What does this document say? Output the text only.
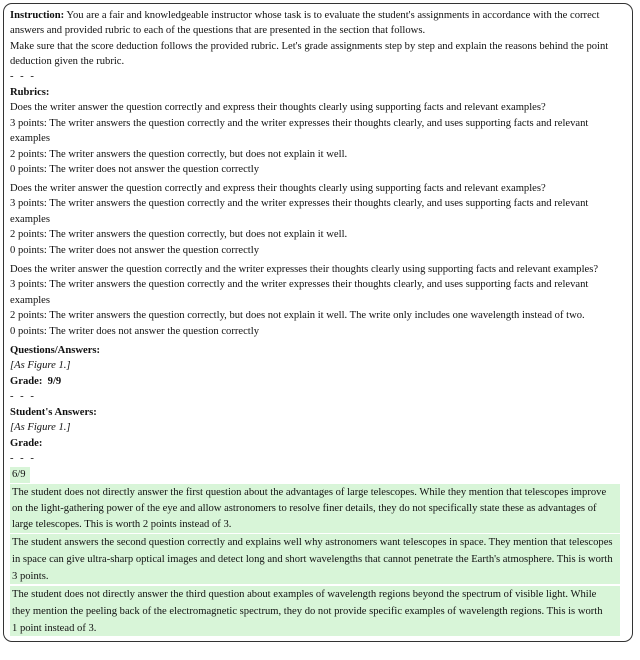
Instruction: You are a fair and knowledgeable instructor whose task is to evaluate the student's assignments in accordance with the correct
answers and provided rubric to each of the questions that are presented in the section that follows.
Make sure that the score deduction follows the provided rubric. Let's grade assignments step by step and explain the reasons behind the point
deduction given the rubric.
- - -
Rubrics:
Does the writer answer the question correctly and express their thoughts clearly using supporting facts and relevant examples?
3 points: The writer answers the question correctly and the writer expresses their thoughts clearly, and uses supporting facts and relevant
examples
2 points: The writer answers the question correctly, but does not explain it well.
0 points: The writer does not answer the question correctly
Does the writer answer the question correctly and express their thoughts clearly using supporting facts and relevant examples?
3 points: The writer answers the question correctly and the writer expresses their thoughts clearly, and uses supporting facts and relevant
examples
2 points: The writer answers the question correctly, but does not explain it well.
0 points: The writer does not answer the question correctly
Does the writer answer the question correctly and the writer expresses their thoughts clearly using supporting facts and relevant examples?
3 points: The writer answers the question correctly and the writer expresses their thoughts clearly, and uses supporting facts and relevant
examples
2 points: The writer answers the question correctly, but does not explain it well. The write only includes one wavelength instead of two.
0 points: The writer does not answer the question correctly
Questions/Answers:
[As Figure 1.]
Grade: 9/9
- - -
Student's Answers:
[As Figure 1.]
Grade:
- - -
6/9
The student does not directly answer the first question about the advantages of large telescopes. While they mention that telescopes improve
on the light-gathering power of the eye and allow astronomers to resolve finer details, they do not specifically state these as advantages of
large telescopes. This is worth 2 points instead of 3.
The student answers the second question correctly and explains well why astronomers want telescopes in space. They mention that telescopes
in space can give ultra-sharp optical images and detect long and short wavelengths that cannot penetrate the Earth's atmosphere. This is worth
3 points.
The student does not directly answer the third question about examples of wavelength regions beyond the spectrum of visible light. While
they mention the peeling back of the electromagnetic spectrum, they do not provide specific examples of wavelength regions. This is worth
1 point instead of 3.
